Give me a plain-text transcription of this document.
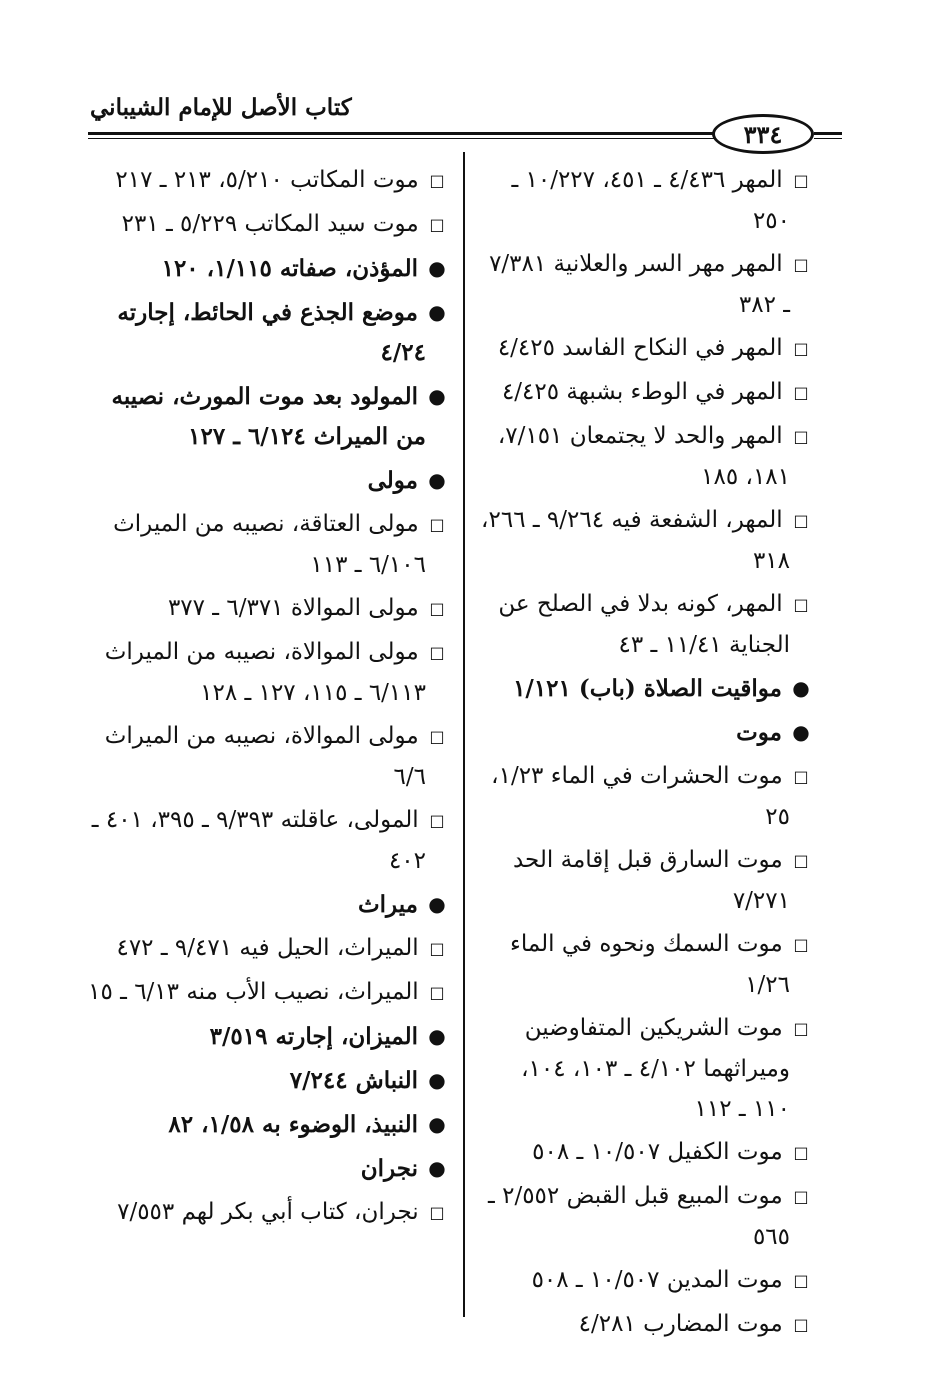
كتاب الأصل للإمام الشيباني
٣٣٤

□ المهر ٤/٤٣٦ ـ ٤٥١، ١٠/٢٢٧ ـ ٢٥٠

□ المهر مهر السر والعلانية ٧/٣٨١ ـ ٣٨٢

□ المهر في النكاح الفاسد ٤/٤٢٥

□ المهر في الوطء بشبهة ٤/٤٢٥

□ المهر والحد لا يجتمعان ٧/١٥١، ١٨١، ١٨٥

□ المهر، الشفعة فيه ٩/٢٦٤ ـ ٢٦٦، ٣١٨

□ المهر، كونه بدلا في الصلح عن الجناية ١١/٤١ ـ ٤٣

● مواقيت الصلاة (باب) ١/١٢١

● موت

□ موت الحشرات في الماء ١/٢٣، ٢٥

□ موت السارق قبل إقامة الحد ٧/٢٧١

□ موت السمك ونحوه في الماء ١/٢٦

□ موت الشريكين المتفاوضين وميراثهما ٤/١٠٢ ـ ١٠٣، ١٠٤، ١١٠ ـ ١١٢

□ موت الكفيل ١٠/٥٠٧ ـ ٥٠٨

□ موت المبيع قبل القبض ٢/٥٥٢ ـ ٥٦٥

□ موت المدين ١٠/٥٠٧ ـ ٥٠٨

□ موت المضارب ٤/٢٨١

□ موت المكاتب ٥/٢١٠، ٢١٣ ـ ٢١٧

□ موت سيد المكاتب ٥/٢٢٩ ـ ٢٣١

● المؤذن، صفاته ١/١١٥، ١٢٠

● موضع الجذع في الحائط، إجارته ٤/٢٤

● المولود بعد موت المورث، نصيبه من الميراث ٦/١٢٤ ـ ١٢٧

● مولى

□ مولى العتاقة، نصيبه من الميراث ٦/١٠٦ ـ ١١٣

□ مولى الموالاة ٦/٣٧١ ـ ٣٧٧

□ مولى الموالاة، نصيبه من الميراث ٦/١١٣ ـ ١١٥، ١٢٧ ـ ١٢٨

□ مولى الموالاة، نصيبه من الميراث ٦/٦

□ المولى، عاقلته ٩/٣٩٣ ـ ٣٩٥، ٤٠١ ـ ٤٠٢

● ميراث

□ الميراث، الحيل فيه ٩/٤٧١ ـ ٤٧٢

□ الميراث، نصيب الأب منه ٦/١٣ ـ ١٥

● الميزان، إجارته ٣/٥١٩

● النباش ٧/٢٤٤

● النبيذ، الوضوء به ١/٥٨، ٨٢

● نجران

□ نجران، كتاب أبي بكر لهم ٧/٥٥٣
